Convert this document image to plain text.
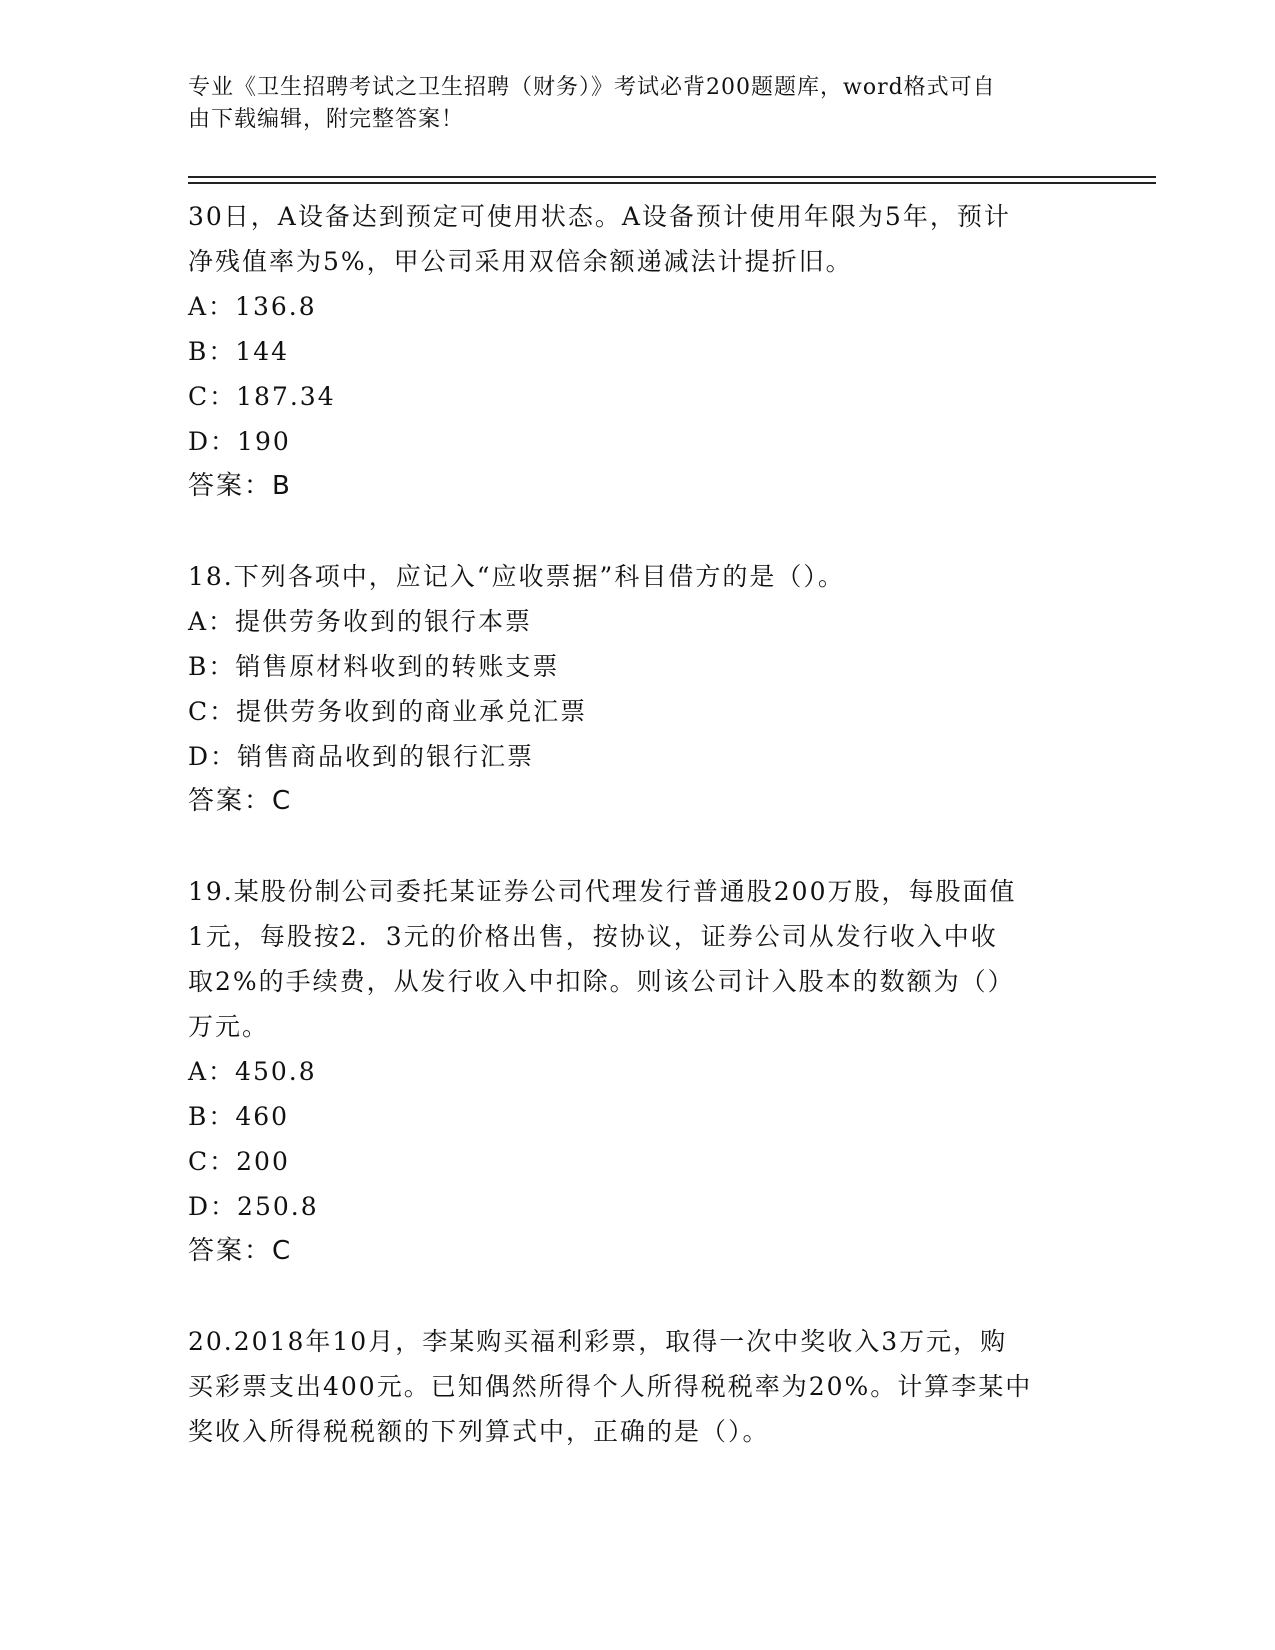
专业《卫生招聘考试之卫生招聘（财务）》考试必背200题题库，word格式可自

由下载编辑，附完整答案！

30日，A设备达到预定可使用状态。A设备预计使用年限为5年，预计

净残值率为5%，甲公司采用双倍余额递减法计提折旧。

A：136.8

B：144

C：187.34

D：190

答案：B

18.下列各项中，应记入“应收票据”科目借方的是（）。

A：提供劳务收到的银行本票

B：销售原材料收到的转账支票

C：提供劳务收到的商业承兑汇票

D：销售商品收到的银行汇票

答案：C

19.某股份制公司委托某证券公司代理发行普通股200万股，每股面值

1元，每股按2．3元的价格出售，按协议，证券公司从发行收入中收

取2%的手续费，从发行收入中扣除。则该公司计入股本的数额为（）

万元。

A：450.8

B：460

C：200

D：250.8

答案：C

20.2018年10月，李某购买福利彩票，取得一次中奖收入3万元，购

买彩票支出400元。已知偶然所得个人所得税税率为20%。计算李某中

奖收入所得税税额的下列算式中，正确的是（）。
